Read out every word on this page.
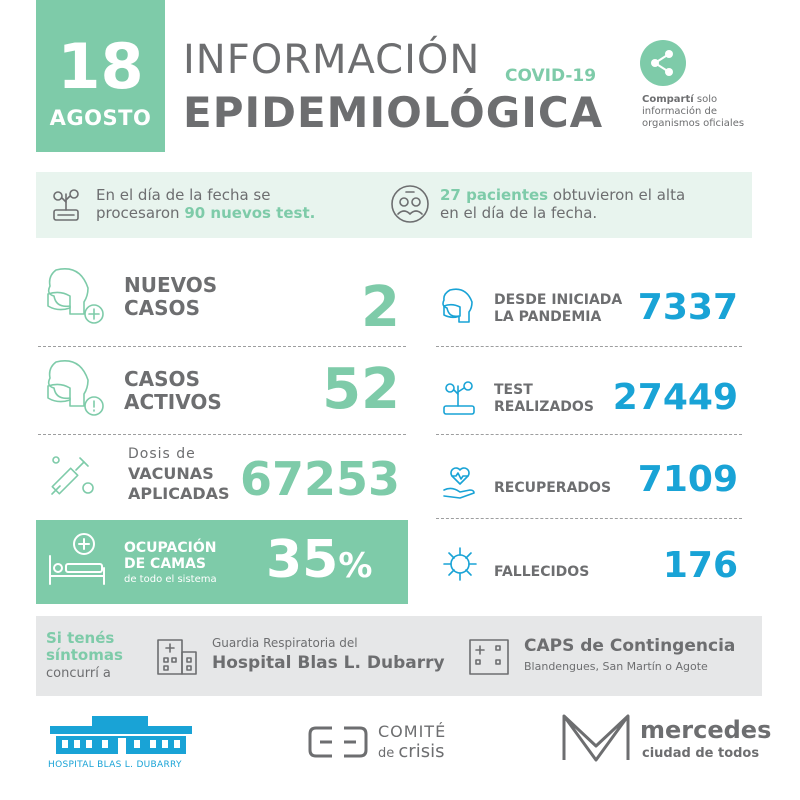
18
AGOSTO
INFORMACIÓN COVID-19
EPIDEMIOLÓGICA	Compartí solo
información de
organismos oficiales
En el día de la fecha se
procesaron 90 nuevos test.
27 pacientes obtuvieron el alta
en el día de la fecha.
NUEVOS
CASOS	2
CASOS
ACTIVOS	52
Dosis de
VACUNAS
APLICADAS 67253
OCUPACIÓN
DE CAMAS
de todo el sistema 35%
DESDE INICIADA
LA PANDEMIA	7337
TEST
REALIZADOS 27449
RECUPERADOS 7109
FALLECIDOS	176
Si tenés
síntomas
concurrí a
Guardia Respiratoria del
Hospital Blas L. Dubarry
CAPS de Contingencia
Blandengues, San Martín o Agote
HOSPITAL BLAS L. DUBARRY
COMITÉ
de crisis
mercedes
ciudad de todos
